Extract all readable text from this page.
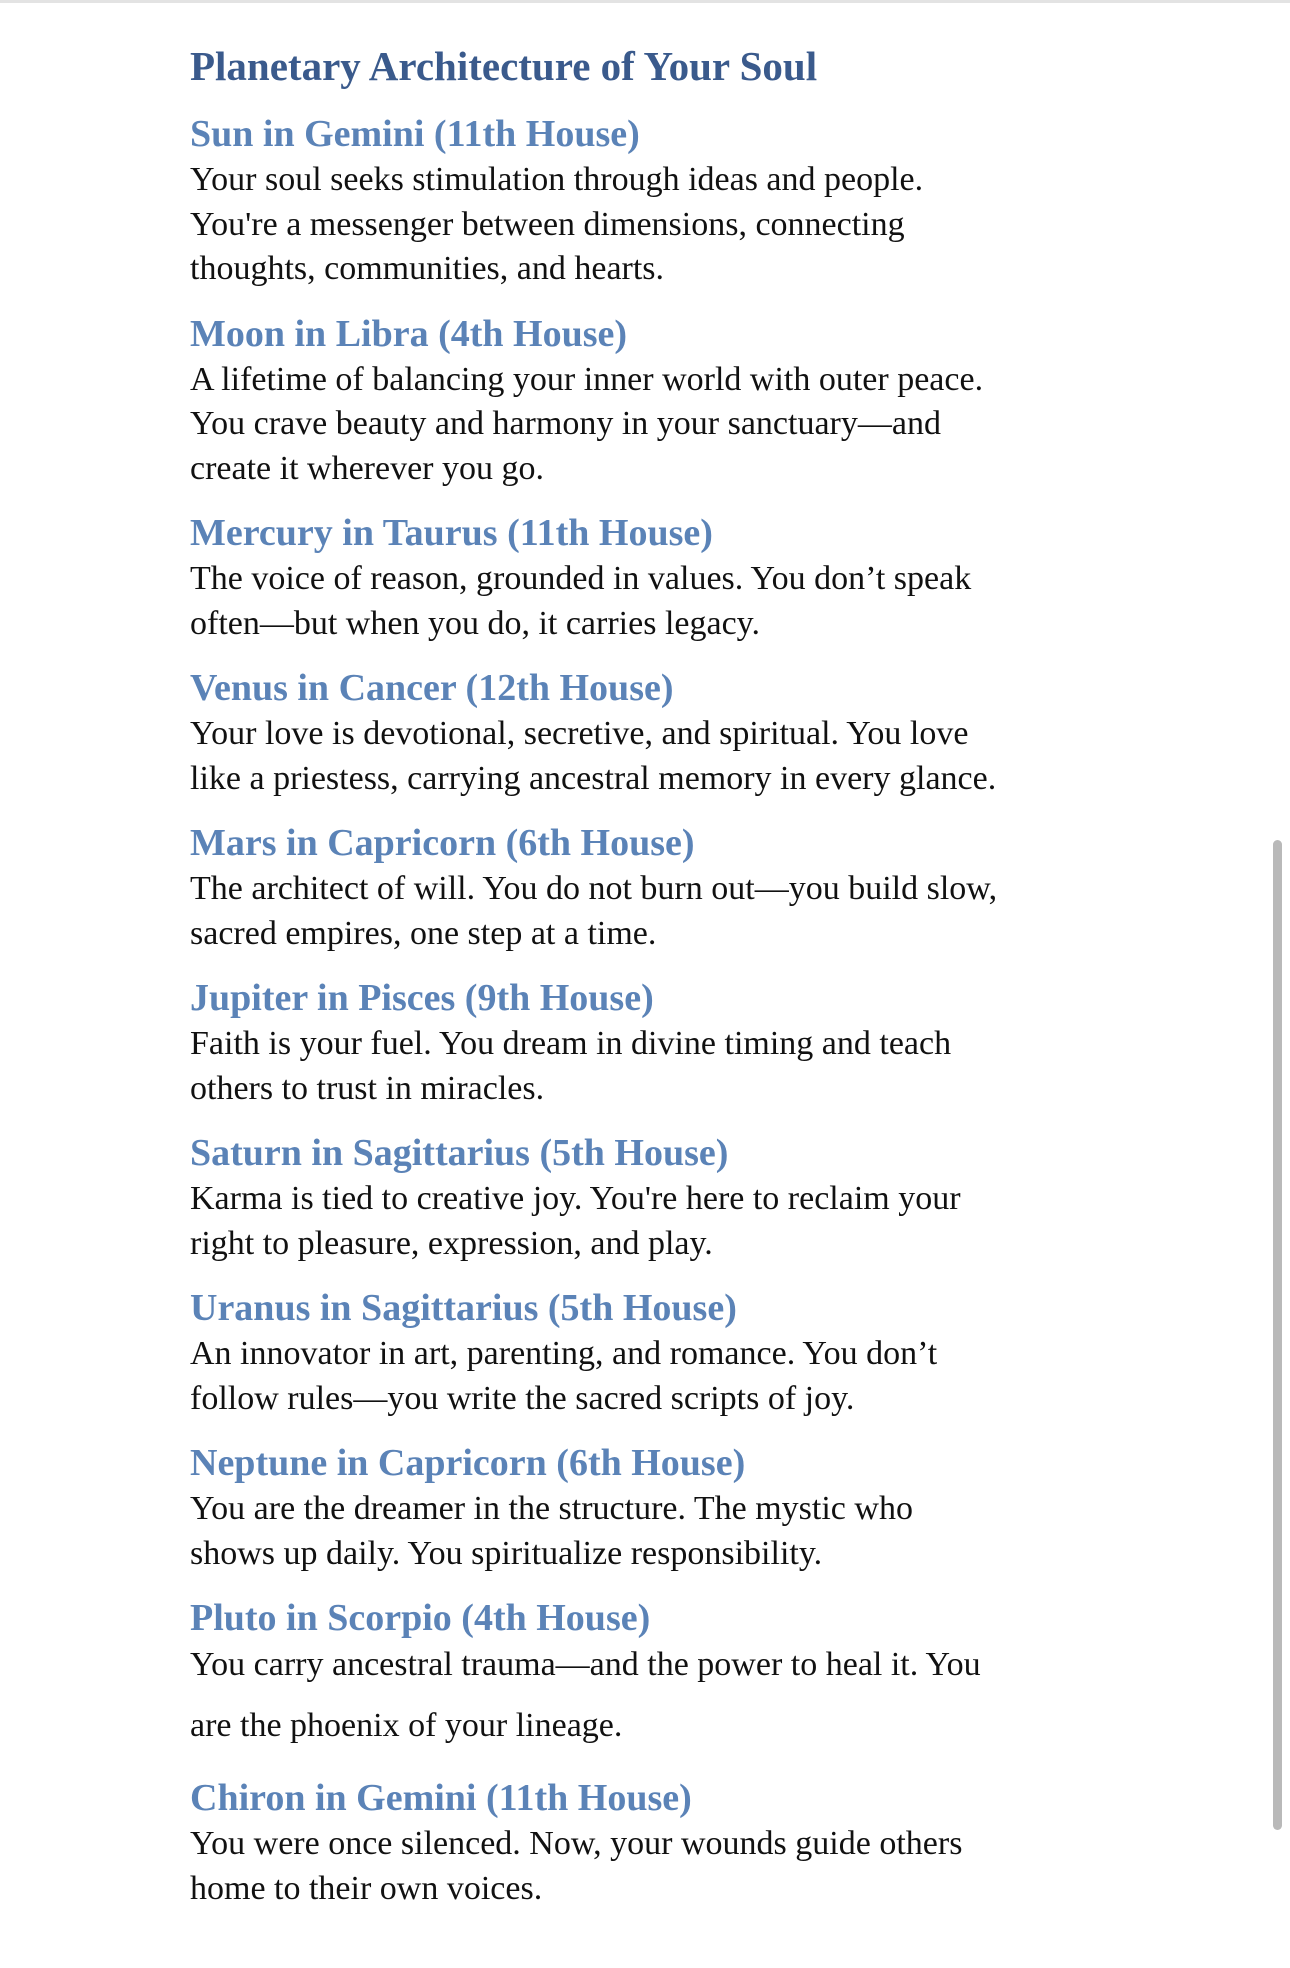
Planetary Architecture of Your Soul
Sun in Gemini (11th House)

Your soul seeks stimulation through ideas and people.
You're a messenger between dimensions, connecting
thoughts, communities, and hearts.

Moon in Libra (4th House)

A lifetime of balancing your inner world with outer peace.
You crave beauty and harmony in your sanctuary—and
create it wherever you go.

Mercury in Taurus (11th House)

The voice of reason, grounded in values. You don’t speak
often—but when you do, it carries legacy.

Venus in Cancer (12th House)

Your love is devotional, secretive, and spiritual. You love
like a priestess, carrying ancestral memory in every glance.

Mars in Capricorn (6th House)

The architect of will. You do not burn out—you build slow,
sacred empires, one step at a time.

Jupiter in Pisces (9th House)

Faith is your fuel. You dream in divine timing and teach
others to trust in miracles.

Saturn in Sagittarius (5th House)

Karma is tied to creative joy. You're here to reclaim your
right to pleasure, expression, and play.

Uranus in Sagittarius (5th House)

An innovator in art, parenting, and romance. You don’t
follow rules—you write the sacred scripts of joy.

Neptune in Capricorn (6th House)

You are the dreamer in the structure. The mystic who
shows up daily. You spiritualize responsibility.

Pluto in Scorpio (4th House)

You carry ancestral trauma—and the power to heal it. You
are the phoenix of your lineage.

Chiron in Gemini (11th House)

You were once silenced. Now, your wounds guide others
home to their own voices.
